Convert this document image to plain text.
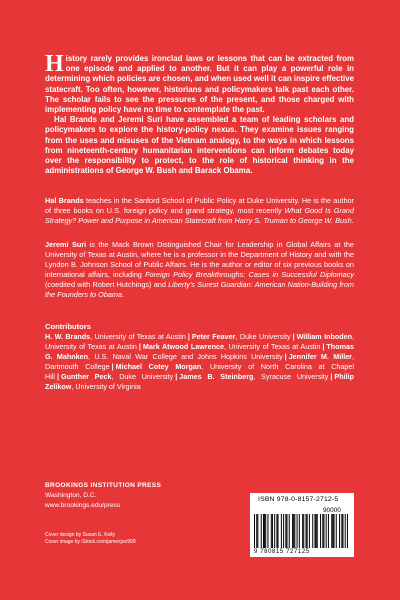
History rarely provides ironclad laws or lessons that can be extracted from one episode and applied to another. But it can play a powerful role in determining which policies are chosen, and when used well it can inspire effective statecraft. Too often, however, historians and policymakers talk past each other. The scholar fails to see the pressures of the present, and those charged with implementing policy have no time to contemplate the past.

Hal Brands and Jeremi Suri have assembled a team of leading scholars and policymakers to explore the history-policy nexus. They examine issues ranging from the uses and misuses of the Vietnam analogy, to the ways in which lessons from nineteenth-century humanitarian interventions can inform debates today over the responsibility to protect, to the role of historical thinking in the administrations of George W. Bush and Barack Obama.

Hal Brands teaches in the Sanford School of Public Policy at Duke University. He is the author of three books on U.S. foreign policy and grand strategy, most recently What Good Is Grand Strategy? Power and Purpose in American Statecraft from Harry S. Truman to George W. Bush.

Jeremi Suri is the Mack Brown Distinguished Chair for Leadership in Global Affairs at the University of Texas at Austin, where he is a professor in the Department of History and with the Lyndon B. Johnson School of Public Affairs. He is the author or editor of six previous books on international affairs, including Foreign Policy Breakthroughs: Cases in Successful Diplomacy (coedited with Robert Hutchings) and Liberty's Surest Guardian: American Nation-Building from the Founders to Obama.

Contributors
H. W. Brands, University of Texas at Austin | Peter Feaver, Duke University | William Inboden, University of Texas at Austin | Mark Atwood Lawrence, University of Texas at Austin | Thomas G. Mahnken, U.S. Naval War College and Johns Hopkins University | Jennifer M. Miller, Dartmouth College | Michael Cotey Morgan, University of North Carolina at Chapel Hill | Gunther Peck, Duke University | James B. Steinberg, Syracuse University | Philip Zelikow, University of Virginia
BROOKINGS INSTITUTION PRESS
Washington, D.C.
www.brookings.edu/press
Cover design by Susan E. Kelly
Cover image by iStock.com/jamesjoe999
ISBN 978-0-8157-2712-5
90000
9 780815 727125
